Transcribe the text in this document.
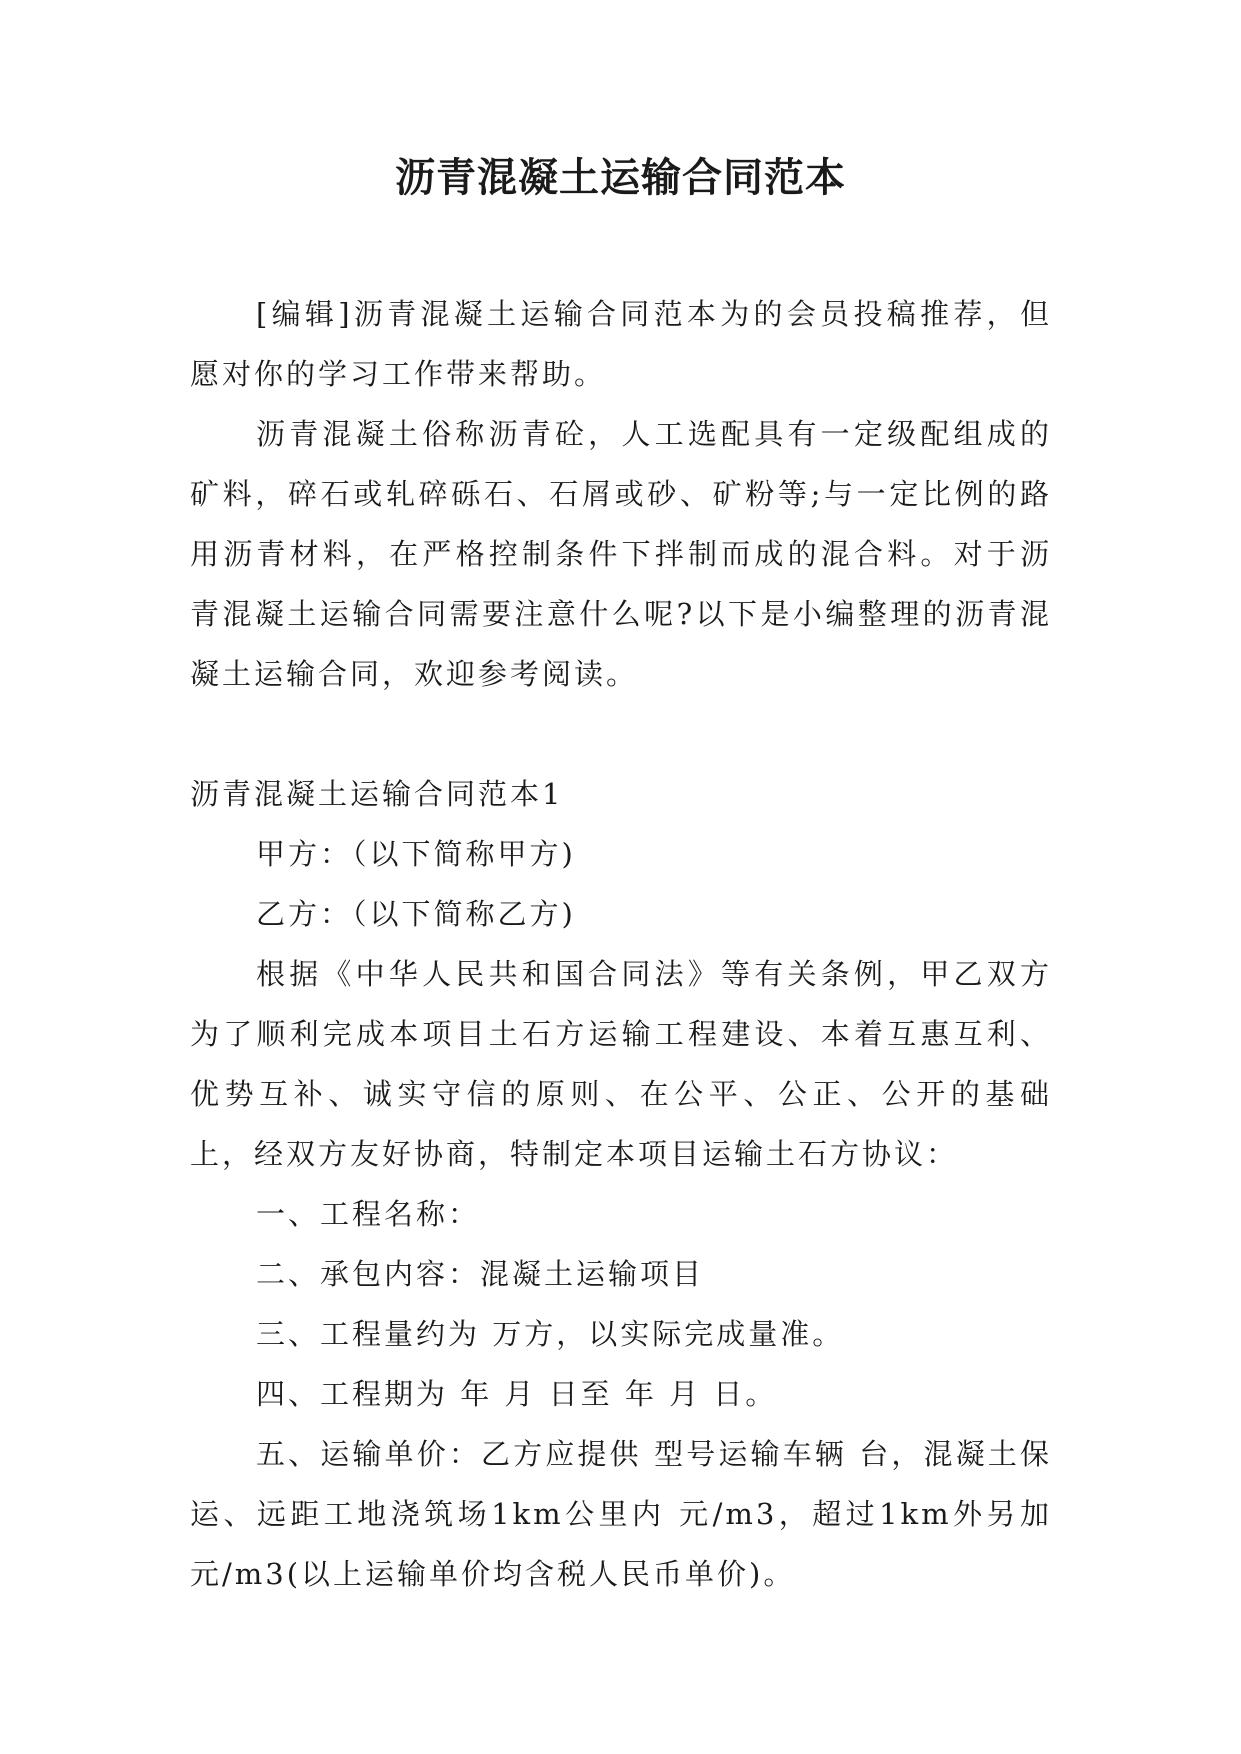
沥青混凝土运输合同范本

[编辑]沥青混凝土运输合同范本为的会员投稿推荐，但愿对你的学习工作带来帮助。

沥青混凝土俗称沥青砼，人工选配具有一定级配组成的矿料，碎石或轧碎砾石、石屑或砂、矿粉等;与一定比例的路用沥青材料，在严格控制条件下拌制而成的混合料。对于沥青混凝土运输合同需要注意什么呢?以下是小编整理的沥青混凝土运输合同，欢迎参考阅读。

沥青混凝土运输合同范本1

甲方：（以下简称甲方)

乙方：（以下简称乙方)

根据《中华人民共和国合同法》等有关条例，甲乙双方为了顺利完成本项目土石方运输工程建设、本着互惠互利、优势互补、诚实守信的原则、在公平、公正、公开的基础上，经双方友好协商，特制定本项目运输土石方协议：

一、工程名称：

二、承包内容：混凝土运输项目

三、工程量约为 万方，以实际完成量准。

四、工程期为 年 月 日至 年 月 日。

五、运输单价：乙方应提供 型号运输车辆 台，混凝土保运、远距工地浇筑场1km公里内 元/m3，超过1km外另加元/m3(以上运输单价均含税人民币单价)。
